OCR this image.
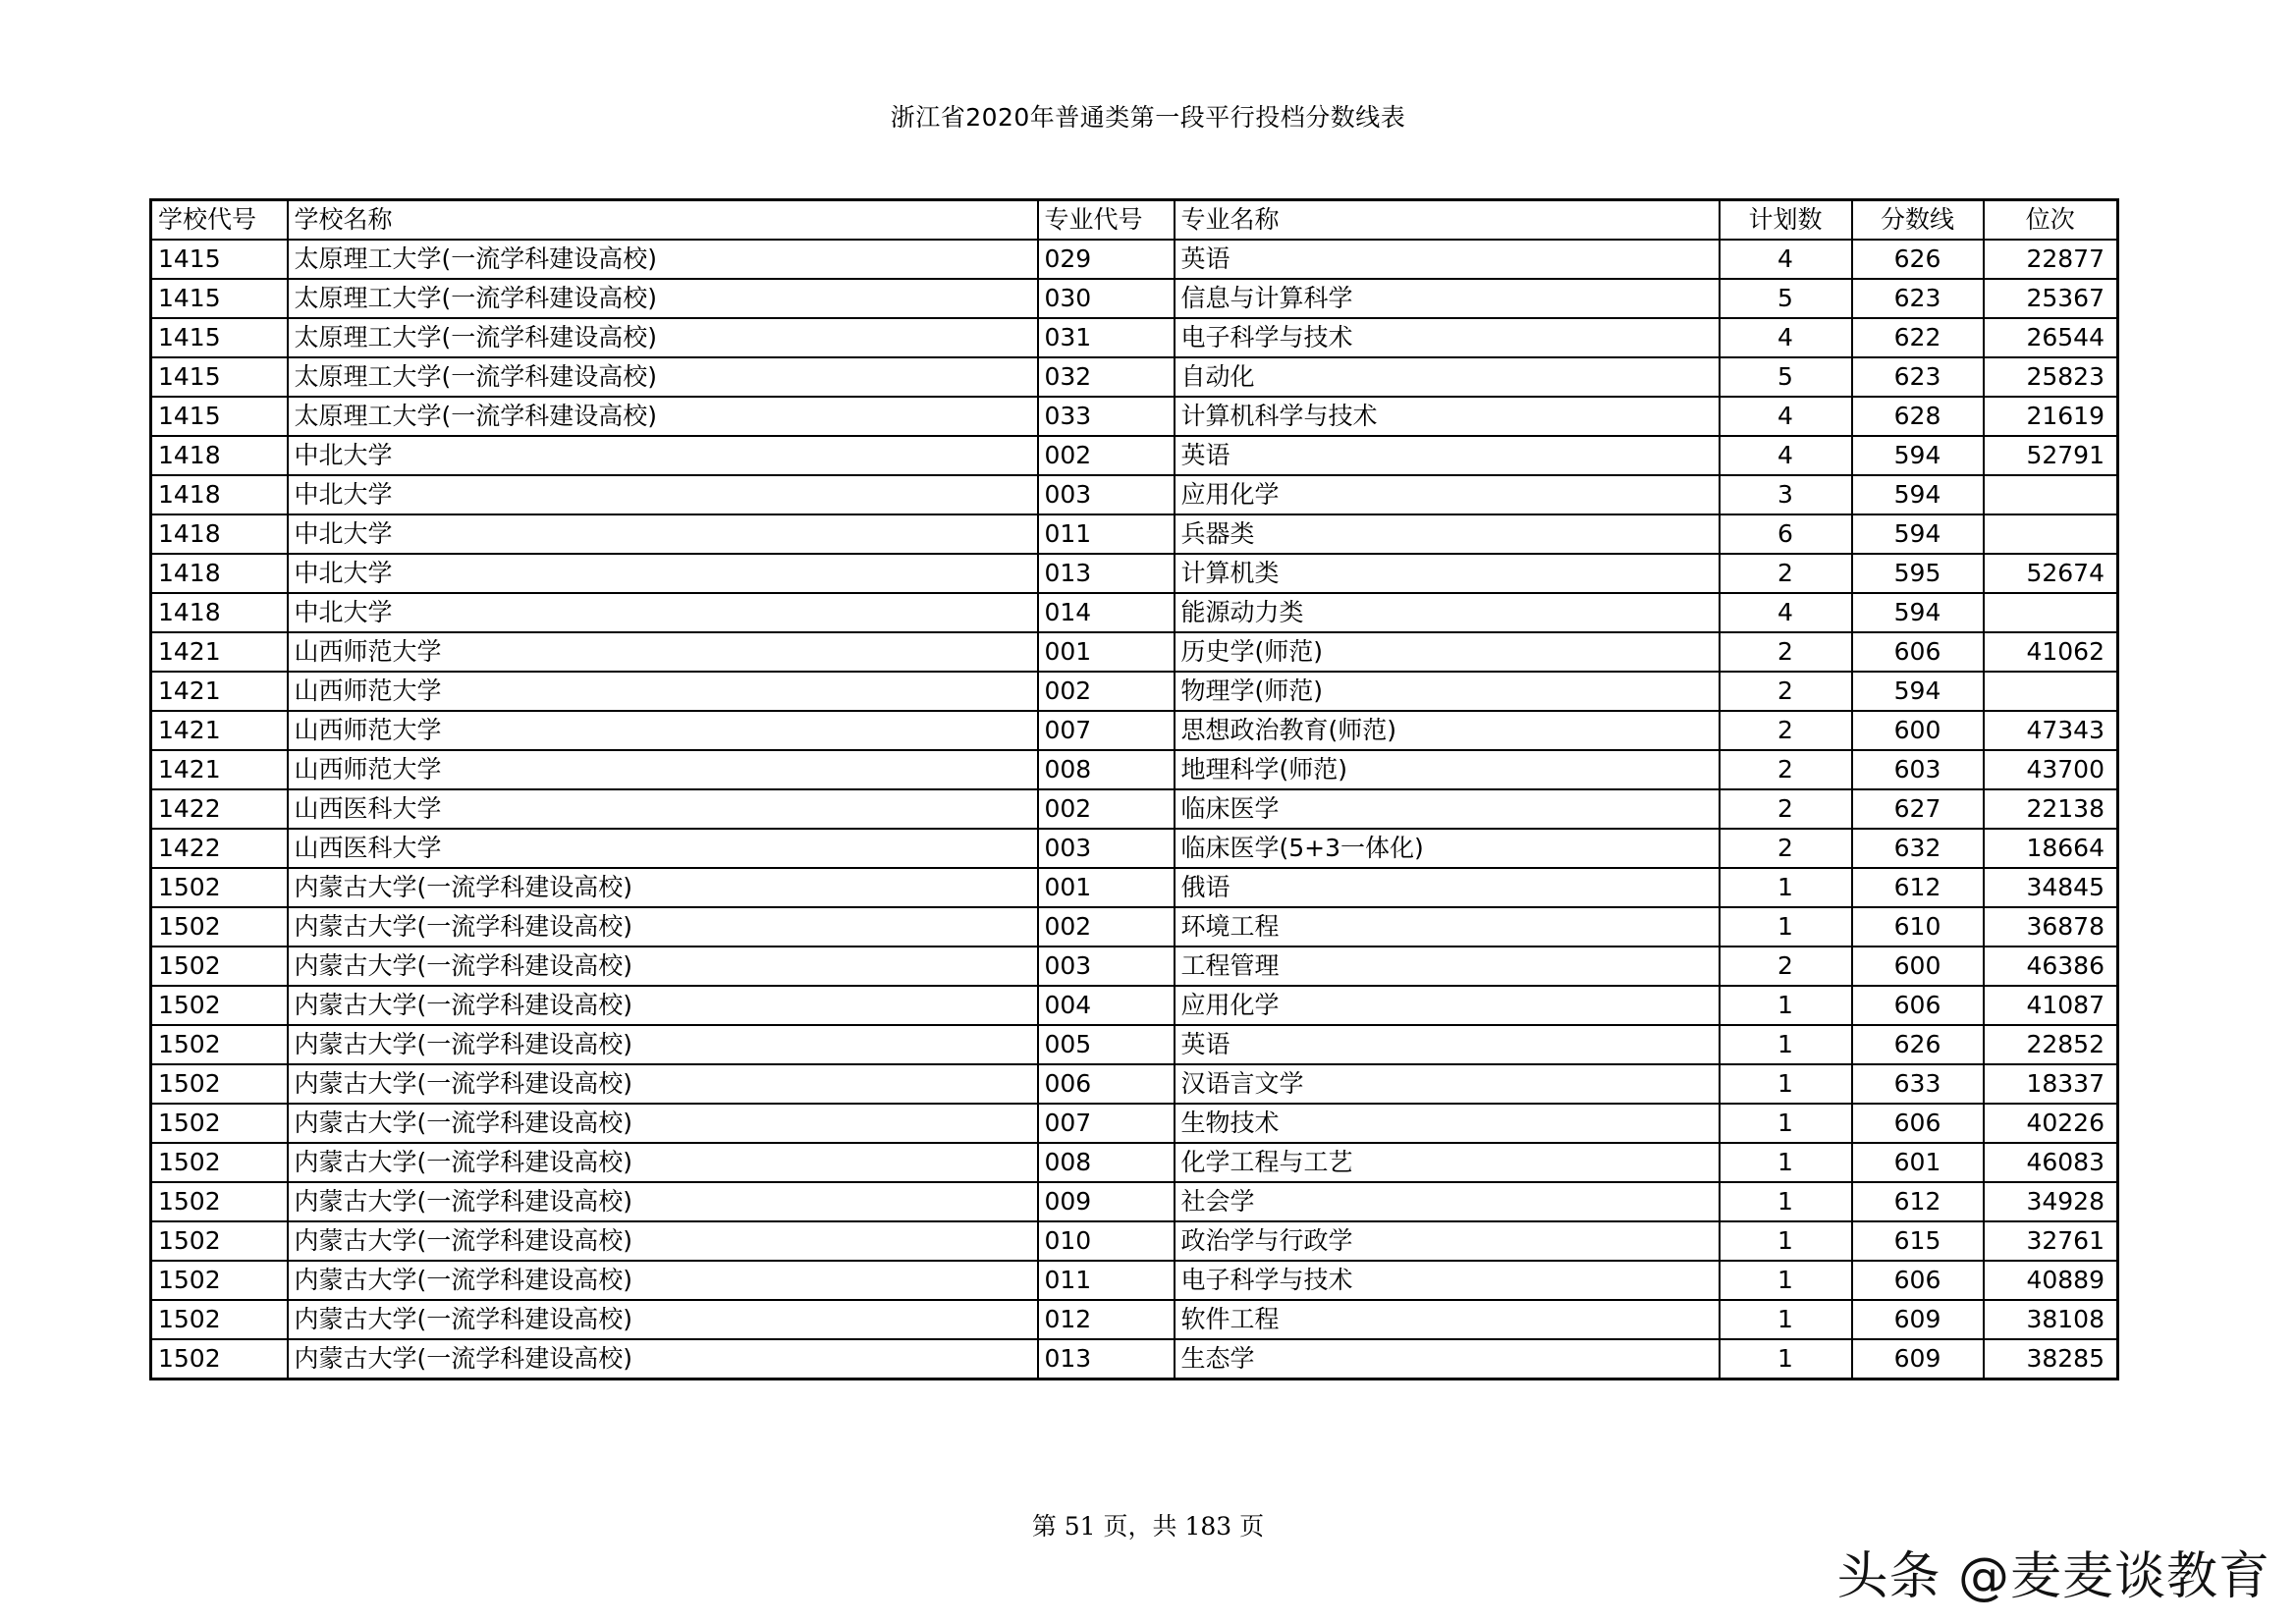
浙江省2020年普通类第一段平行投档分数线表
学校代号	学校名称	专业代号	专业名称	计划数	分数线	位次
1415	太原理工大学(一流学科建设高校)	029	英语	4	626	22877
1415	太原理工大学(一流学科建设高校)	030	信息与计算科学	5	623	25367
1415	太原理工大学(一流学科建设高校)	031	电子科学与技术	4	622	26544
1415	太原理工大学(一流学科建设高校)	032	自动化	5	623	25823
1415	太原理工大学(一流学科建设高校)	033	计算机科学与技术	4	628	21619
1418	中北大学	002	英语	4	594	52791
1418	中北大学	003	应用化学	3	594	
1418	中北大学	011	兵器类	6	594	
1418	中北大学	013	计算机类	2	595	52674
1418	中北大学	014	能源动力类	4	594	
1421	山西师范大学	001	历史学(师范)	2	606	41062
1421	山西师范大学	002	物理学(师范)	2	594	
1421	山西师范大学	007	思想政治教育(师范)	2	600	47343
1421	山西师范大学	008	地理科学(师范)	2	603	43700
1422	山西医科大学	002	临床医学	2	627	22138
1422	山西医科大学	003	临床医学(5+3一体化)	2	632	18664
1502	内蒙古大学(一流学科建设高校)	001	俄语	1	612	34845
1502	内蒙古大学(一流学科建设高校)	002	环境工程	1	610	36878
1502	内蒙古大学(一流学科建设高校)	003	工程管理	2	600	46386
1502	内蒙古大学(一流学科建设高校)	004	应用化学	1	606	41087
1502	内蒙古大学(一流学科建设高校)	005	英语	1	626	22852
1502	内蒙古大学(一流学科建设高校)	006	汉语言文学	1	633	18337
1502	内蒙古大学(一流学科建设高校)	007	生物技术	1	606	40226
1502	内蒙古大学(一流学科建设高校)	008	化学工程与工艺	1	601	46083
1502	内蒙古大学(一流学科建设高校)	009	社会学	1	612	34928
1502	内蒙古大学(一流学科建设高校)	010	政治学与行政学	1	615	32761
1502	内蒙古大学(一流学科建设高校)	011	电子科学与技术	1	606	40889
1502	内蒙古大学(一流学科建设高校)	012	软件工程	1	609	38108
1502	内蒙古大学(一流学科建设高校)	013	生态学	1	609	38285
第 51 页，共 183 页
头条 @麦麦谈教育
